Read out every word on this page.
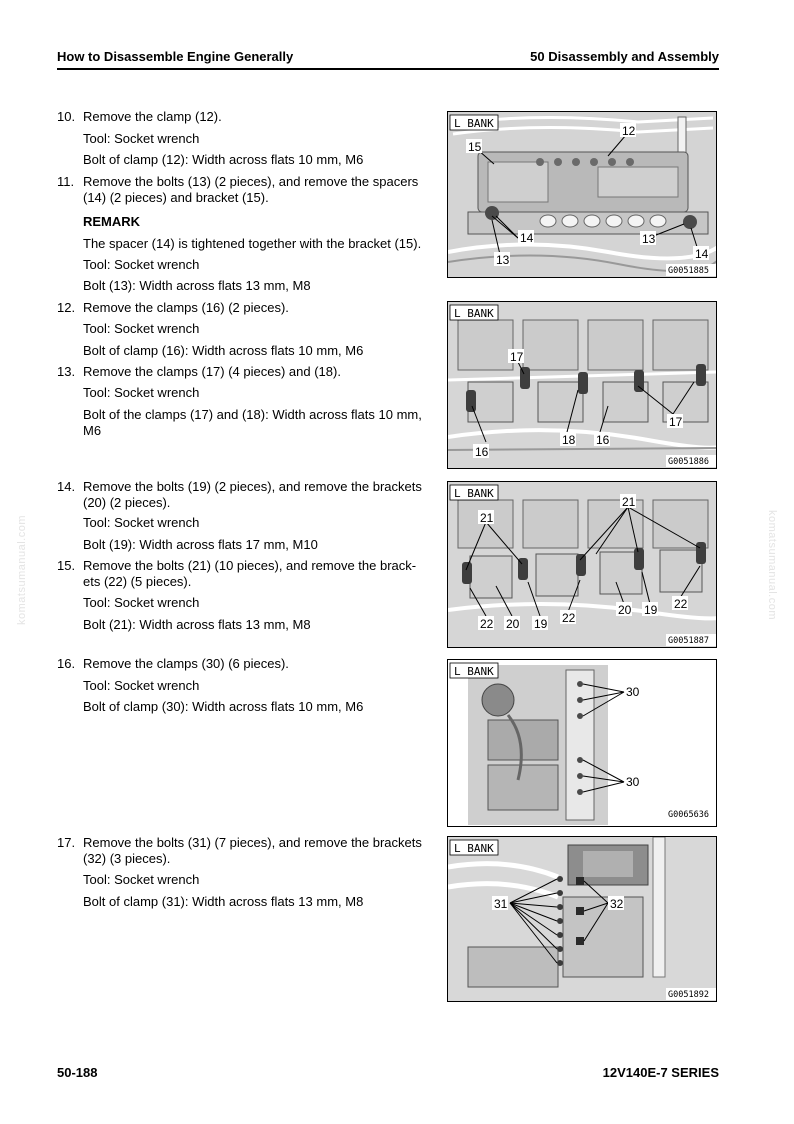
How to Disassemble Engine Generally	50 Disassembly and Assembly
komatsumanual.com	komatsumanual.com
10. Remove the clamp (12).
Tool: Socket wrench
Bolt of clamp (12): Width across flats 10 mm, M6
11. Remove the bolts (13) (2 pieces), and remove the spacers
(14) (2 pieces) and bracket (15).
REMARK
The spacer (14) is tightened together with the bracket (15).
Tool: Socket wrench
Bolt (13): Width across flats 13 mm, M8
12. Remove the clamps (16) (2 pieces).
Tool: Socket wrench
Bolt of clamp (16): Width across flats 10 mm, M6
13. Remove the clamps (17) (4 pieces) and (18).
Tool: Socket wrench
Bolt of the clamps (17) and (18): Width across flats 10 mm,
M6
14. Remove the bolts (19) (2 pieces), and remove the brackets
(20) (2 pieces).
Tool: Socket wrench
Bolt (19): Width across flats 17 mm, M10
15. Remove the bolts (21) (10 pieces), and remove the brack-
ets (22) (5 pieces).
Tool: Socket wrench
Bolt (21): Width across flats 13 mm, M8
16. Remove the clamps (30) (6 pieces).
Tool: Socket wrench
Bolt of clamp (30): Width across flats 10 mm, M6
17. Remove the bolts (31) (7 pieces), and remove the brackets
(32) (3 pieces).
Tool: Socket wrench
Bolt of clamp (31): Width across flats 13 mm, M8
L BANK
12
15
14
13
13
14
G0051885
L BANK
17
16
18 16
17
G0051886
L BANK
21
21
22 20 19 22
20 19 22
G0051887
L BANK
30
30
G0065636
L BANK
31	32
G0051892
50-188	12V140E-7 SERIES
